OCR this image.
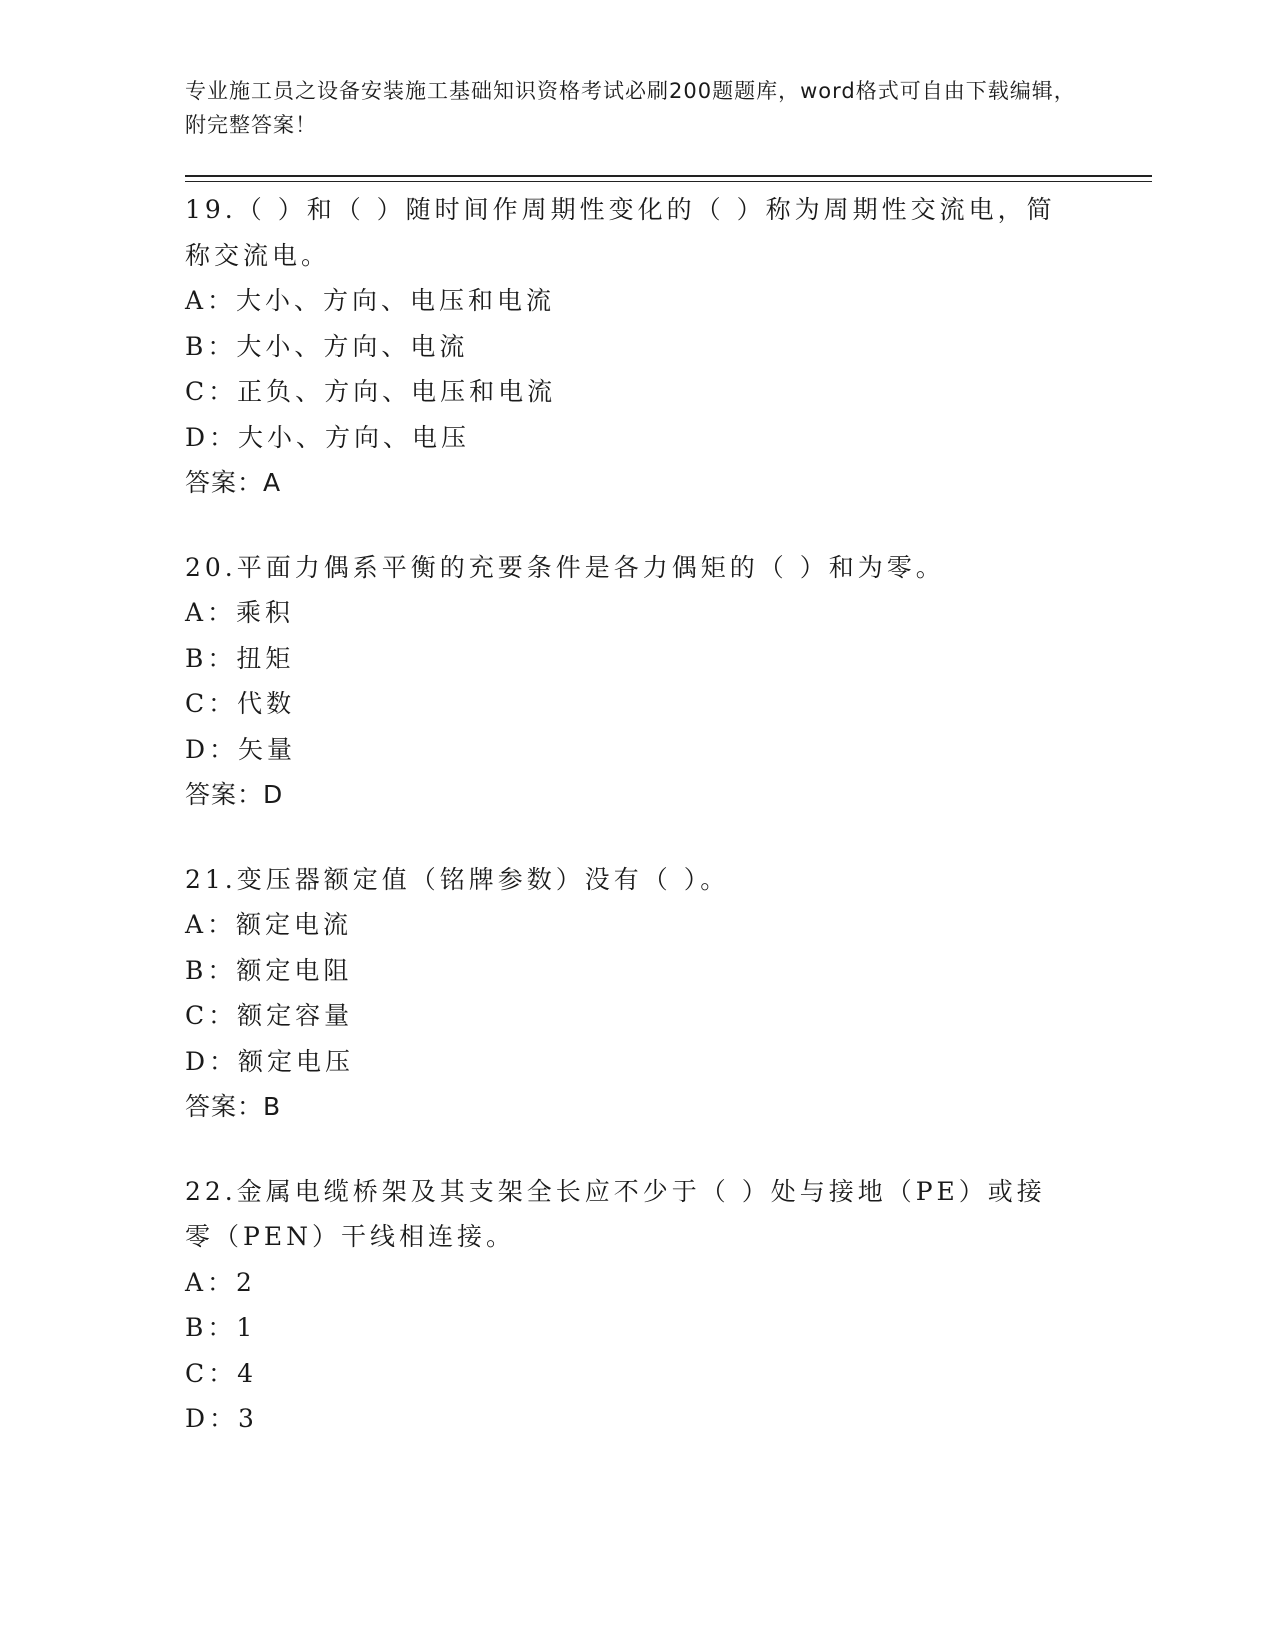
专业施工员之设备安装施工基础知识资格考试必刷200题题库，word格式可自由下载编辑，附完整答案！

19.（ ）和（ ）随时间作周期性变化的（ ）称为周期性交流电，简称交流电。

A：大小、方向、电压和电流

B：大小、方向、电流

C：正负、方向、电压和电流

D：大小、方向、电压

答案：A

20.平面力偶系平衡的充要条件是各力偶矩的（ ）和为零。

A：乘积

B：扭矩

C：代数

D：矢量

答案：D

21.变压器额定值（铭牌参数）没有（ ）。

A：额定电流

B：额定电阻

C：额定容量

D：额定电压

答案：B

22.金属电缆桥架及其支架全长应不少于（ ）处与接地（PE）或接零（PEN）干线相连接。

A：2

B：1

C：4

D：3
